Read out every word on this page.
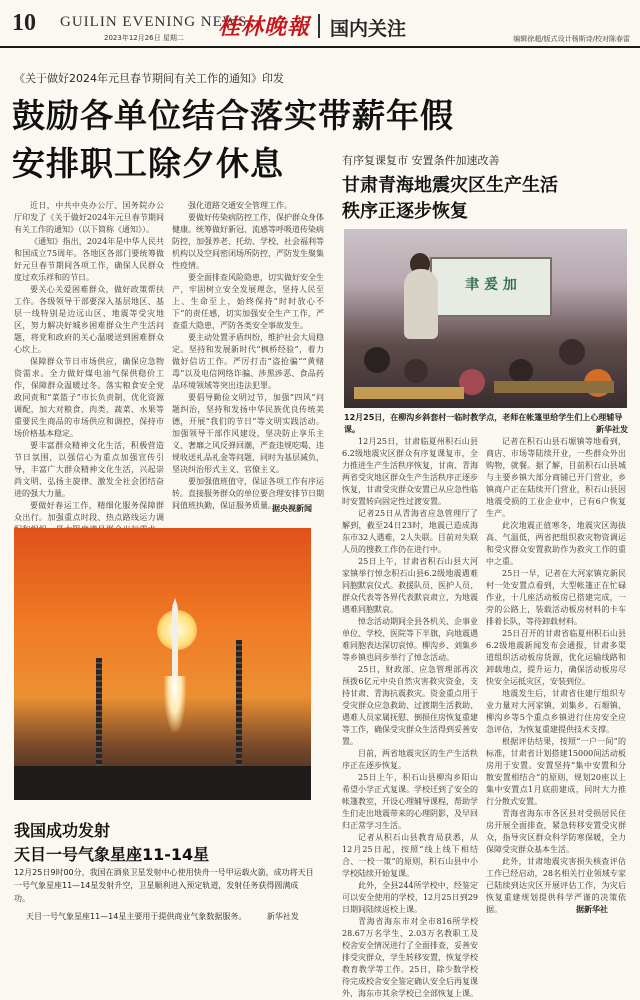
10 GUILIN EVENING NEWS
2023年12月26日 星期二 桂林晚報 国内关注	编辑徐超/版式设计杨斯诗/校对陈春雷
《关于做好2024年元旦春节期间有关工作的通知》印发
鼓励各单位结合落实带薪年假
安排职工除夕休息

近日，中共中央办公厅、国务院办公厅印发了《关于做好2024年元旦春节期间有关工作的通知》（以下简称《通知》）。

《通知》指出，2024年是中华人民共和国成立75周年。各地区各部门要统筹做好元旦春节期间各项工作，确保人民群众度过欢乐祥和的节日。

要关心关爱困难群众，做好政策帮扶工作。各级领导干部要深入基层地区、基层一线特别是边远山区、地震等受灾地区，努力解决好城乡困难群众生产生活问题，将党和政府的关心温暖送到困难群众心坎上。

保障群众节日市场供应，确保应急物资需求。全力做好煤电油气保供稳价工作，保障群众温暖过冬。落实粮食安全党政同责和“菜篮子”市长负责制，优化资源调配，加大对粮食、肉类、蔬菜、水果等重要民生商品的市场供应和调控，保持市场价格基本稳定。

要丰富群众精神文化生活，积极营造节日氛围，以强信心为重点加强宣传引导，丰富广大群众精神文化生活，兴起崇尚文明、弘扬主旋律、激发全社会团结奋进的强大力量。

要做好春运工作，精细化服务保障群众出行。加强重点时段、热点路线运力调

强化道路交通安全管理工作。

要做好传染病防控工作，保护群众身体健康。统筹做好新冠、流感等呼吸道传染病防控，加强养老、托幼、学校、社会福利等机构以及空间密闭场所防控，严防发生聚集性疫情。

要全面排查风险隐患，切实做好安全生产，牢固树立安全发展理念，坚持人民至上、生命至上，始终保持“时时放心不下”的责任感，切实加强安全生产工作，严查重大隐患，严防各类安全事故发生。

要主动处置矛盾纠纷，维护社会大局稳定。坚持和发展新时代“枫桥经验”，着力做好信访工作。严厉打击“盗抢骗”“黄赌毒”以及电信网络诈骗、涉黑涉恶、食品药品环境领域等突出违法犯罪。

要倡导勤俭文明过节，加强“四风”问题纠治，坚持和发扬中华民族优良传统美德，开展“我们的节日”等文明实践活动。加强领导干部作风建设，坚决防止享乐主义、奢靡之风反弹回潮，严查违规吃喝、违规收送礼品礼金等问题，同时为基层减负，坚决纠治形式主义、官僚主义。

要加强值班值守，保证各项工作有序运转。直接服务群众的单位要合理安排节日期间值班执勤，保证服务质量。

据央视新闻
有序复课复市 安置条件加速改善
甘肃青海地震灾区生产生活
秩序正逐步恢复
聿 爰 加
12月25日，在柳沟乡斜套村一临时教学点，老师在帐篷里给学生们上心理辅导课。	新华社发

12月25日，甘肃临夏州积石山县6.2级地震灾区群众有序复课复市，全力推进生产生活秩序恢复，甘南、青海两省受灾地区群众生产生活秩序正逐步恢复，甘肃受灾群众安置已从应急性临时安置转向固定性过渡安置。

记者25日从青海省应急管理厅了解到，截至24日23时，地震已造成海东市32人遇难，2人失联。目前对失联人员的搜救工作仍在进行中。

25日上午，甘肃省积石山县大河家镇举行悼念积石山县6.2级地震遇难同胞默哀仪式。救援队员、医护人员、群众代表等各界代表默哀肃立，为地震遇难同胞默哀。

悼念活动期间全县各机关、企事业单位、学校、医院等下半旗，向地震遇难同胞表达深切哀悼。柳沟乡、刘集乡等乡镇也同步举行了悼念活动。

25日，财政部、应急管理部再次预拨6亿元中央自然灾害救灾资金，支持甘肃、青海抗震救灾。资金重点用于受灾群众应急救助、过渡期生活救助、遇难人员家属抚慰、倒损住房恢复重建等工作，确保受灾群众生活得到妥善安置。

目前，两省地震灾区的生产生活秩序正在逐步恢复。

25日上午，积石山县柳沟乡阳山希望小学正式复课。学校迁到了安全的帐篷教室，开设心理辅导课程，帮助学生们走出地震带来的心理阴影，及早回归正常学习生活。

记者从积石山县教育局获悉，从12月25日起，按照“线上线下相结合、一校一策”的原则，积石山县中小学校陆续开始复课。

此外，全县244所学校中，经鉴定可以安全使用的学校，12月25日到29日期间陆续返校上课。

青海省海东市对全市816所学校28.67万名学生、2.03万名教职工及校舍安全情况进行了全面排查，妥善安排受灾群众，学生转移安置，恢复学校教育教学等工作。25日，除少数学校待完成校舍安全鉴定确认安全后再复课外，海东市其余学校已全部恢复上课。

记者在积石山县石塬镇等地看到，商店、市场等陆续开业，一些群众外出购物，就餐。据了解，目前积石山县城与主要乡镇大部分商铺已开门营业，乡镇商户正在陆续开门营业，积石山县因地震受损的工业企业中，已有6户恢复生产。

此次地震正值寒冬，地震灾区海拔高、气温低，两省把组织救灾物资调运和受灾群众安置救助作为救灾工作的重中之重。

25日一早，记者在大河家镇克新民村一处安置点看到，大型帐篷正在忙碌作业，十几座活动板房已搭建完成，一旁的公路上，装载活动板房材料的卡车排着长队，等待卸载材料。

25日召开的甘肃省临夏州积石山县6.2级地震新闻发布会通报，甘肃多渠道组织活动板房货源，优化运输线路和卸载地点，提升运力，确保活动板房尽快安全运抵灾区，安装到位。

地震发生后，甘肃省住建厅组织专业力量对大河家镇、刘集乡、石塬镇、柳沟乡等5个重点乡镇进行住房安全应急评估，为恢复重建提供技术支撑。

根据评估结果，按照“一户一间”的标准，甘肃省计划搭建15000间活动板房用于安置。安置坚持“集中安置和分散安置相结合”的原则，规划20座以上集中安置点1月底前建成，同时大力推行分散式安置。

青海省海东市各区县对受损居民住房开展全面排查，紧急转移安置受灾群众，指导灾区群众科学防寒保暖，全力保障受灾群众基本生活。

此外，甘肃地震灾害损失核查评估工作已经启动，28名相关行业领域专家已陆续到达灾区开展评估工作，为灾后恢复重建规划提供科学严谨的决策依据。	据新华社
我国成功发射
天目一号气象星座11-14星
12月25日9时00分，我国在酒泉卫星发射中心使用快舟一号甲运载火箭，成功将天目一号气象星座11—14星发射升空，卫星顺利进入预定轨道，发射任务获得圆满成功。
天目一号气象星座11—14星主要用于提供商业气象数据服务。	新华社发
